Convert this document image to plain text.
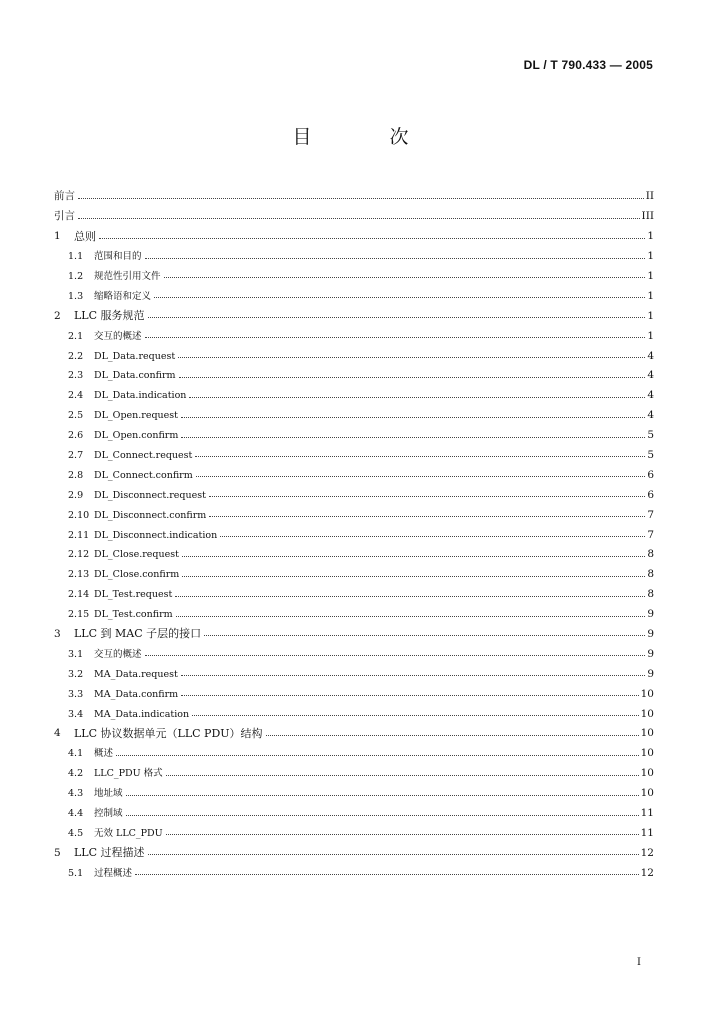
DL / T 790.433 — 2005
目 次
前言	II
引言	III
1	总则	1
1.1	范围和目的	1
1.2	规范性引用文件	1
1.3	缩略语和定义	1
2	LLC 服务规范	1
2.1	交互的概述	1
2.2	DL_Data.request	4
2.3	DL_Data.confirm	4
2.4	DL_Data.indication	4
2.5	DL_Open.request	4
2.6	DL_Open.confirm	5
2.7	DL_Connect.request	5
2.8	DL_Connect.confirm	6
2.9	DL_Disconnect.request	6
2.10 DL_Disconnect.confirm	7
2.11 DL_Disconnect.indication	7
2.12 DL_Close.request	8
2.13 DL_Close.confirm	8
2.14 DL_Test.request	8
2.15 DL_Test.confirm	9
3	LLC 到 MAC 子层的接口	9
3.1	交互的概述	9
3.2	MA_Data.request	9
3.3	MA_Data.confirm	10
3.4	MA_Data.indication	10
4	LLC 协议数据单元（LLC PDU）结构	10
4.1	概述	10
4.2	LLC_PDU 格式	10
4.3	地址域	10
4.4	控制域	11
4.5	无效 LLC_PDU	11
5	LLC 过程描述	12
5.1	过程概述	12
I
